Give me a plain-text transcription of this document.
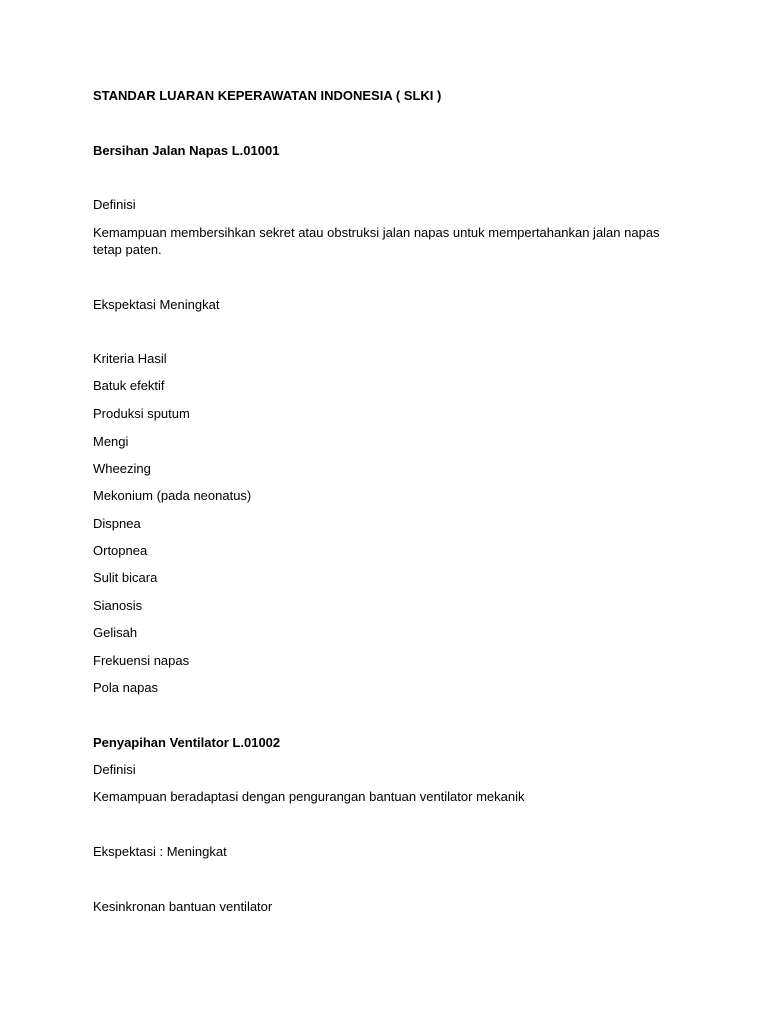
STANDAR LUARAN KEPERAWATAN INDONESIA ( SLKI )
Bersihan Jalan Napas L.01001
Definisi
Kemampuan membersihkan sekret atau obstruksi jalan napas untuk mempertahankan jalan napas
tetap paten.
Ekspektasi Meningkat
Kriteria Hasil
Batuk efektif
Produksi sputum
Mengi
Wheezing
Mekonium (pada neonatus)
Dispnea
Ortopnea
Sulit bicara
Sianosis
Gelisah
Frekuensi napas
Pola napas
Penyapihan Ventilator L.01002
Definisi
Kemampuan beradaptasi dengan pengurangan bantuan ventilator mekanik
Ekspektasi : Meningkat
Kesinkronan bantuan ventilator
